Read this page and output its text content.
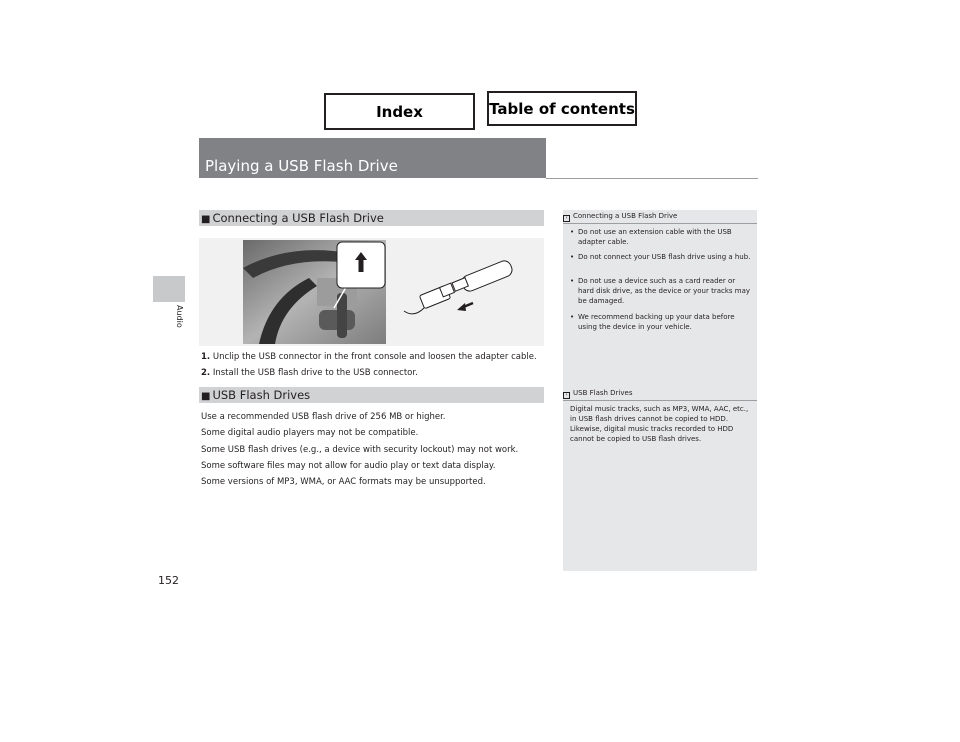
Index	Table of contents
Audio
Playing a USB Flash Drive
■ Connecting a USB Flash Drive
1. Unclip the USB connector in the front console and loosen the adapter cable.
2. Install the USB flash drive to the USB connector.
■ USB Flash Drives
Use a recommended USB flash drive of 256 MB or higher.
Some digital audio players may not be compatible.
Some USB flash drives (e.g., a device with security lockout) may not work.
Some software files may not allow for audio play or text data display.
Some versions of MP3, WMA, or AAC formats may be unsupported.
› Connecting a USB Flash Drive
• Do not use an extension cable with the USB adapter cable.
• Do not connect your USB flash drive using a hub.
• Do not use a device such as a card reader or hard disk drive, as the device or your tracks may be damaged.
• We recommend backing up your data before using the device in your vehicle.
› USB Flash Drives
Digital music tracks, such as MP3, WMA, AAC, etc., in USB flash drives cannot be copied to HDD. Likewise, digital music tracks recorded to HDD cannot be copied to USB flash drives.
152
